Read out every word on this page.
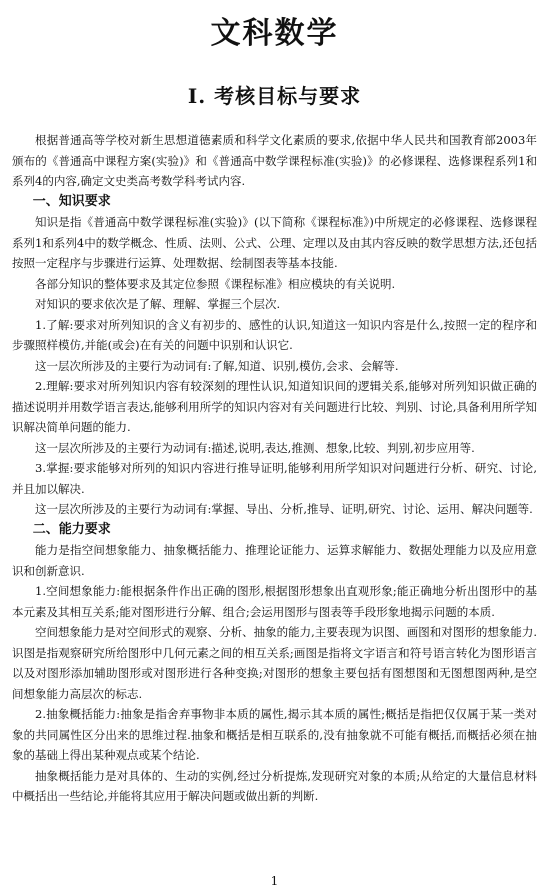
文科数学
Ⅰ. 考核目标与要求

根据普通高等学校对新生思想道德素质和科学文化素质的要求,依据中华人民共和国教育部2003年颁布的《普通高中课程方案(实验)》和《普通高中数学课程标准(实验)》的必修课程、选修课程系列1和系列4的内容,确定文史类高考数学科考试内容.

一、知识要求

知识是指《普通高中数学课程标准(实验)》(以下简称《课程标准》)中所规定的必修课程、选修课程系列1和系列4中的数学概念、性质、法则、公式、公理、定理以及由其内容反映的数学思想方法,还包括按照一定程序与步骤进行运算、处理数据、绘制图表等基本技能.

各部分知识的整体要求及其定位参照《课程标准》相应模块的有关说明.

对知识的要求依次是了解、理解、掌握三个层次.

1.了解:要求对所列知识的含义有初步的、感性的认识,知道这一知识内容是什么,按照一定的程序和步骤照样模仿,并能(或会)在有关的问题中识别和认识它.

这一层次所涉及的主要行为动词有:了解,知道、识别,模仿,会求、会解等.

2.理解:要求对所列知识内容有较深刻的理性认识,知道知识间的逻辑关系,能够对所列知识做正确的描述说明并用数学语言表达,能够利用所学的知识内容对有关问题进行比较、判别、讨论,具备利用所学知识解决简单问题的能力.

这一层次所涉及的主要行为动词有:描述,说明,表达,推测、想象,比较、判别,初步应用等.

3.掌握:要求能够对所列的知识内容进行推导证明,能够利用所学知识对问题进行分析、研究、讨论,并且加以解决.

这一层次所涉及的主要行为动词有:掌握、导出、分析,推导、证明,研究、讨论、运用、解决问题等.

二、能力要求

能力是指空间想象能力、抽象概括能力、推理论证能力、运算求解能力、数据处理能力以及应用意识和创新意识.

1.空间想象能力:能根据条件作出正确的图形,根据图形想象出直观形象;能正确地分析出图形中的基本元素及其相互关系;能对图形进行分解、组合;会运用图形与图表等手段形象地揭示问题的本质.

空间想象能力是对空间形式的观察、分析、抽象的能力,主要表现为识图、画图和对图形的想象能力.识图是指观察研究所给图形中几何元素之间的相互关系;画图是指将文字语言和符号语言转化为图形语言以及对图形添加辅助图形或对图形进行各种变换;对图形的想象主要包括有图想图和无图想图两种,是空间想象能力高层次的标志.

2.抽象概括能力:抽象是指舍弃事物非本质的属性,揭示其本质的属性;概括是指把仅仅属于某一类对象的共同属性区分出来的思维过程.抽象和概括是相互联系的,没有抽象就不可能有概括,而概括必须在抽象的基础上得出某种观点或某个结论.

抽象概括能力是对具体的、生动的实例,经过分析提炼,发现研究对象的本质;从给定的大量信息材料中概括出一些结论,并能将其应用于解决问题或做出新的判断.

1
